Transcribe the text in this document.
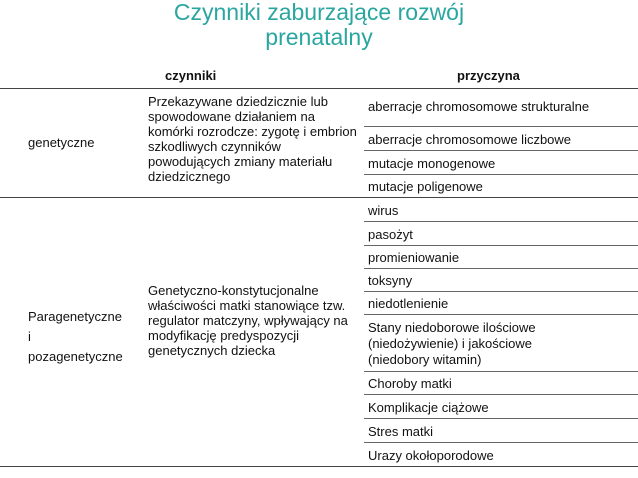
Czynniki zaburzające rozwój
prenatalny
czynniki	przyczyna
genetyczne
Przekazywane dziedzicznie lub spowodowane działaniem na komórki rozrodcze: zygotę i embrion szkodliwych czynników powodujących zmiany materiału dziedzicznego
aberracje chromosomowe strukturalne
aberracje chromosomowe liczbowe
mutacje monogenowe
mutacje poligenowe
Paragenetyczne
i
pozagenetyczne
Genetyczno-konstytucjonalne właściwości matki stanowiące tzw. regulator matczyny, wpływający na modyfikację predyspozycji genetycznych dziecka
wirus
pasożyt
promieniowanie
toksyny
niedotlenienie
Stany niedoborowe ilościowe (niedożywienie) i jakościowe (niedobory witamin)
Choroby matki
Komplikacje ciążowe
Stres matki
Urazy okołoporodowe
